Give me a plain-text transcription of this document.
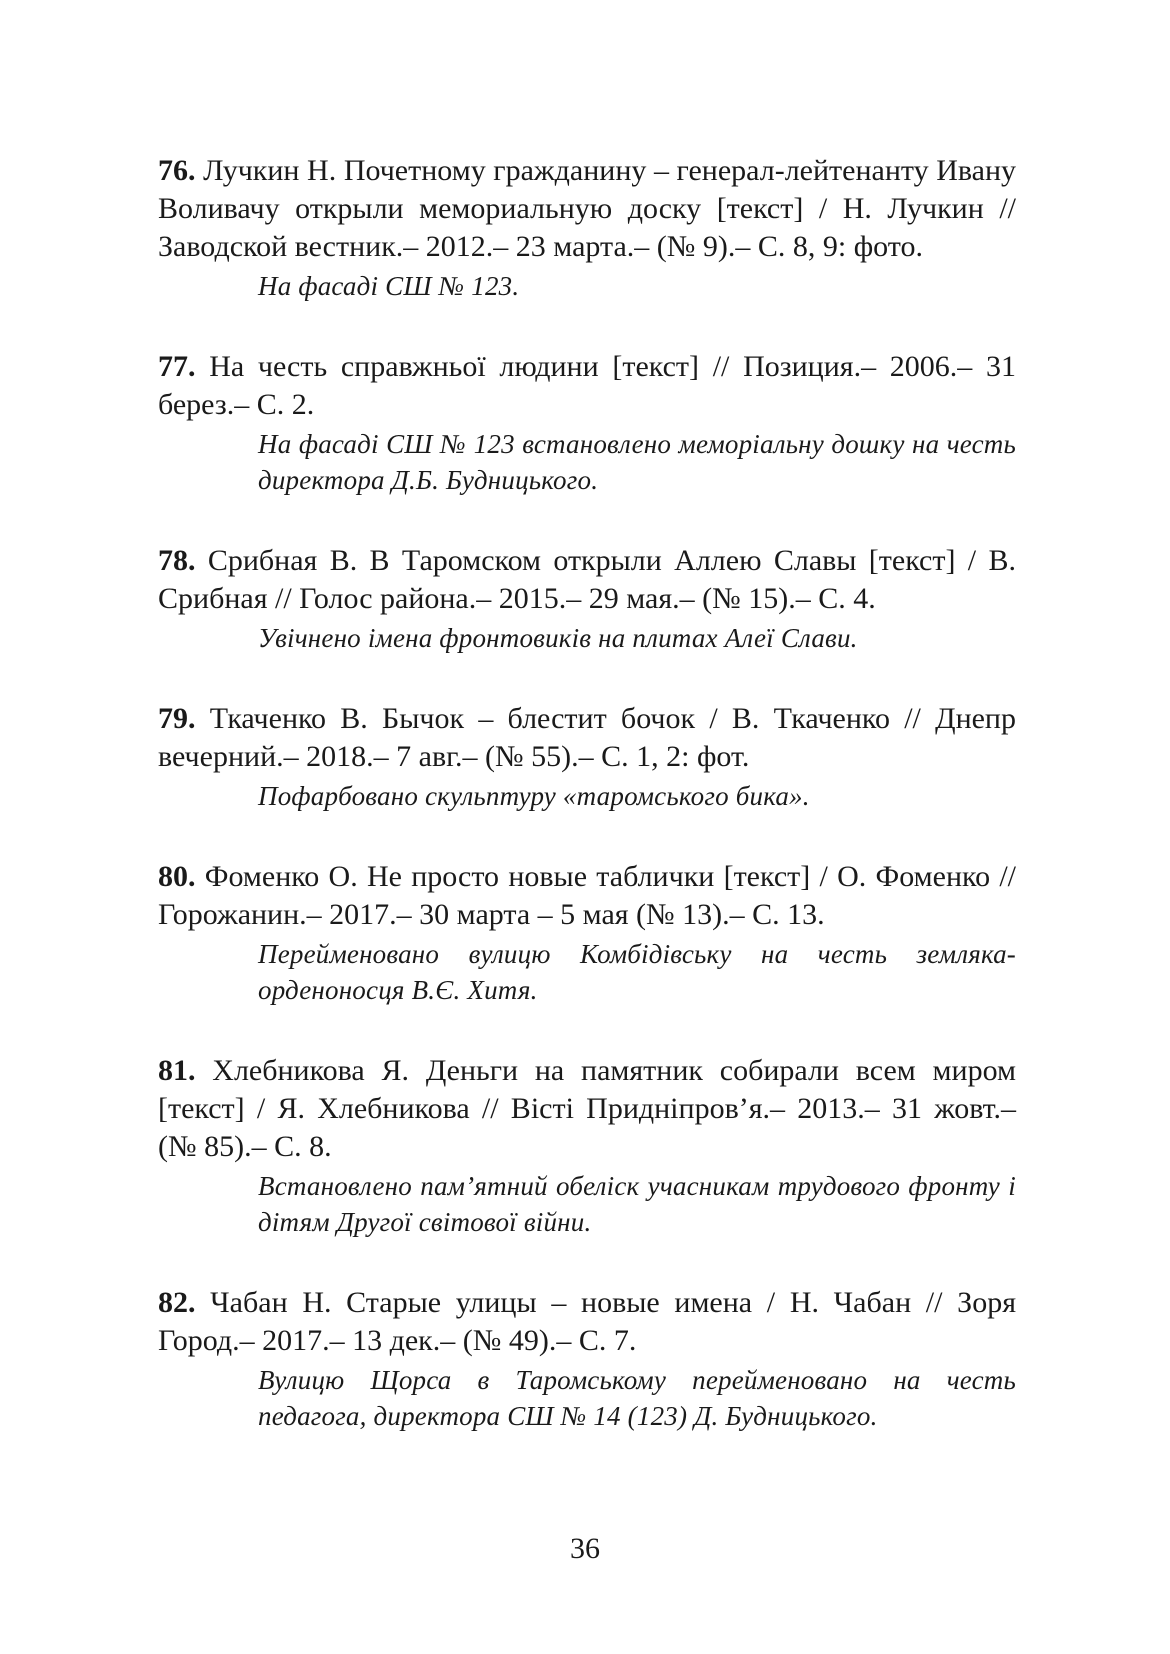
76. Лучкин Н. Почетному гражданину – генерал-лейтенанту Ивану Воливачу открыли мемориальную доску [текст] / Н. Лучкин // Заводской вестник.– 2012.– 23 марта.– (№ 9).– С. 8, 9: фото.

На фасаді СШ № 123.

77. На честь справжньої людини [текст] // Позиция.– 2006.– 31 берез.– С. 2.

На фасаді СШ № 123 встановлено меморіальну дошку на честь директора Д.Б. Будницького.

78. Срибная В. В Таромском открыли Аллею Славы [текст] / В. Срибная // Голос района.– 2015.– 29 мая.– (№ 15).– С. 4.

Увічнено імена фронтовиків на плитах Алеї Слави.

79. Ткаченко В. Бычок – блестит бочок / В. Ткаченко // Днепр вечерний.– 2018.– 7 авг.– (№ 55).– С. 1, 2: фот.

Пофарбовано скульптуру «таромського бика».

80. Фоменко О. Не просто новые таблички [текст] / О. Фоменко // Горожанин.– 2017.– 30 марта – 5 мая (№ 13).– С. 13.

Перейменовано вулицю Комбідівську на честь земляка-орденоносця В.Є. Хитя.

81. Хлебникова Я. Деньги на памятник собирали всем миром [текст] / Я. Хлебникова // Вісті Придніпров’я.– 2013.– 31 жовт.– (№ 85).– С. 8.

Встановлено пам’ятний обеліск учасникам трудового фронту і дітям Другої світової війни.

82. Чабан Н. Старые улицы – новые имена / Н. Чабан // Зоря Город.– 2017.– 13 дек.– (№ 49).– С. 7.

Вулицю Щорса в Таромському перейменовано на честь педагога, директора СШ № 14 (123) Д. Будницького.

36
